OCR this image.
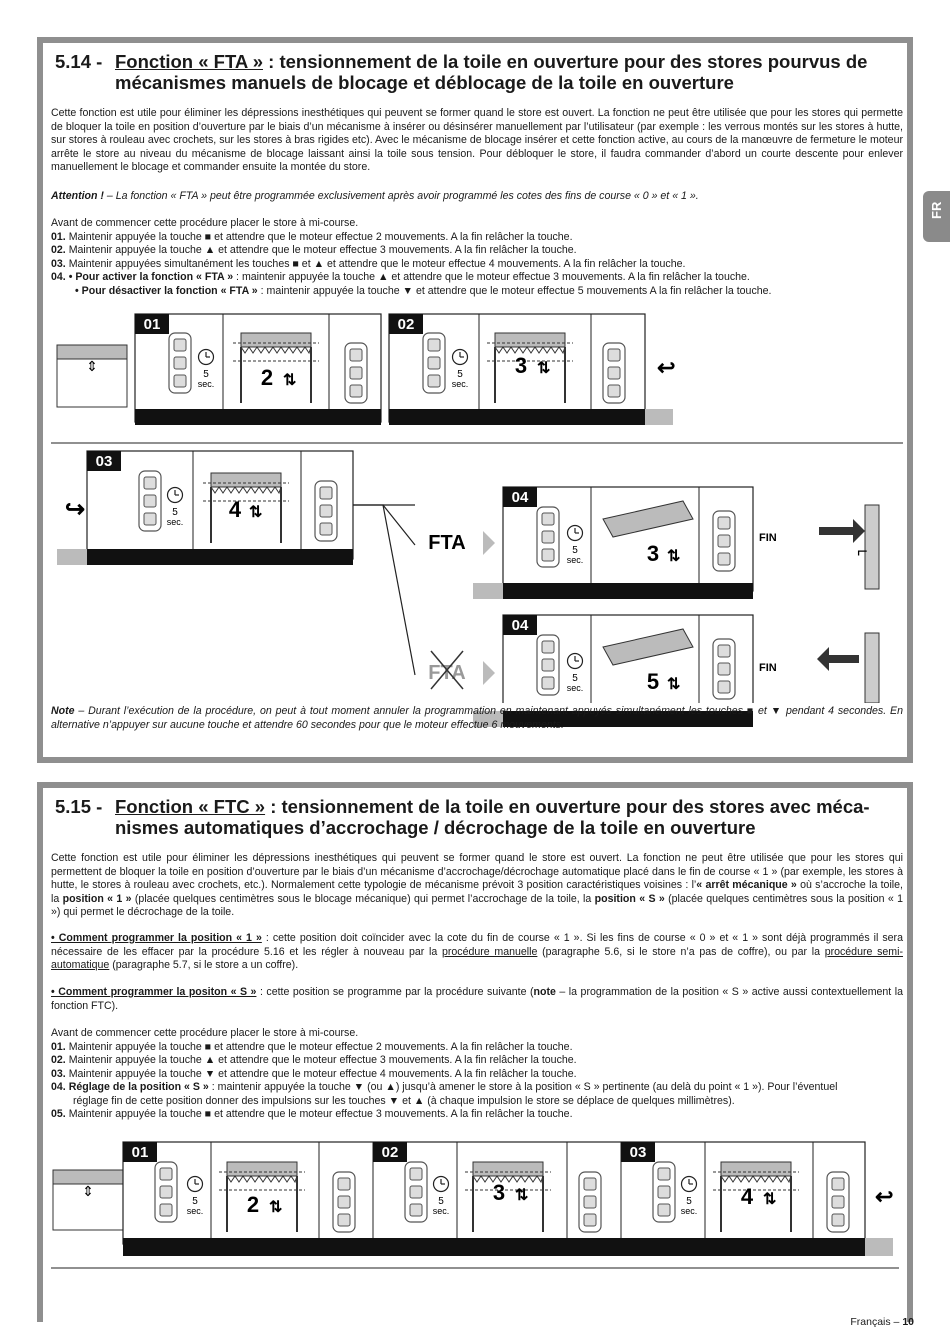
FR
5.14 - Fonction « FTA » : tensionnement de la toile en ouverture pour des stores pourvus de
mécanismes manuels de blocage et déblocage de la toile en ouverture
Cette fonction est utile pour éliminer les dépressions inesthétiques qui peuvent se former quand le store est ouvert. La fonction ne peut être utilisée que pour les stores qui permette de bloquer la toile en position d’ouverture par le biais d’un mécanisme à insérer ou désinsérer manuellement par l’utilisateur (par exemple : les verrous montés sur les stores à hutte, sur stores à rouleau avec crochets, sur les stores à bras rigides etc). Avec le mécanisme de blocage insérer et cette fonction active, au cours de la manœuvre de fermeture le moteur arrête le store au niveau du mécanisme de blocage laissant ainsi la toile sous tension. Pour débloquer le store, il faudra commander d’abord un courte descente pour enlever manuellement le blocage et commander ensuite la montée du store.
Attention ! – La fonction « FTA » peut être programmée exclusivement après avoir programmé les cotes des fins de course « 0 » et « 1 ».
Avant de commencer cette procédure placer le store à mi-course.
01. Maintenir appuyée la touche ■ et attendre que le moteur effectue 2 mouvements. A la fin relâcher la touche.
02. Maintenir appuyée la touche ▲ et attendre que le moteur effectue 3 mouvements. A la fin relâcher la touche.
03. Maintenir appuyées simultanément les touches ■ et ▲ et attendre que le moteur effectue 4 mouvements. A la fin relâcher la touche.
04. • Pour activer la fonction « FTA » : maintenir appuyée la touche ▲ et attendre que le moteur effectue 3 mouvements. A la fin relâcher la touche.
• Pour désactiver la fonction « FTA » : maintenir appuyée la touche ▼ et attendre que le moteur effectue 5 mouvements A la fin relâcher la touche.
01
5
sec. 2 ⇅
⇕
02
5
sec.
3 ⇅	↩
↪
03
5
sec. 4 ⇅
FTA
04
5
sec.	3 ⇅
FIN
⌐
FTA
04
5
sec.	5 ⇅
FIN
Note – Durant l’exécution de la procédure, on peut à tout moment annuler la programmation en maintenant appuyés simultanément les touches ■ et ▼ pendant 4 secondes. En alternative n’appuyer sur aucune touche et attendre 60 secondes pour que le moteur effectue 6 mouvements.
5.15 - Fonction « FTC » : tensionnement de la toile en ouverture pour des stores avec méca-
nismes automatiques d’accrochage / décrochage de la toile en ouverture
Cette fonction est utile pour éliminer les dépressions inesthétiques qui peuvent se former quand le store est ouvert. La fonction ne peut être utilisée que pour les stores qui permettent de bloquer la toile en position d’ouverture par le biais d’un mécanisme d’accrochage/décrochage automatique placé dans le fin de course « 1 » (par exemple, les stores à hutte, le stores à rouleau avec crochets, etc.). Normalement cette typologie de mécanisme prévoit 3 position caractéristiques voisines : l’« arrêt mécanique » où s’accroche la toile, la position « 1 » (placée quelques centimètres sous le blocage mécanique) qui permet l’accrochage de la toile, la position « S » (placée quelques centimètres sous la position « 1 ») qui permet le décrochage de la toile.
• Comment programmer la position « 1 » : cette position doit coïncider avec la cote du fin de course « 1 ». Si les fins de course « 0 » et « 1 » sont déjà programmés il sera nécessaire de les effacer par la procédure 5.16 et les régler à nouveau par la procédure manuelle (paragraphe 5.6, si le store n’a pas de coffre), ou par la procédure semi-automatique (paragraphe 5.7, si le store a un coffre).
• Comment programmer la positon « S » : cette position se programme par la procédure suivante (note – la programmation de la position « S » active aussi contextuellement la fonction FTC).
Avant de commencer cette procédure placer le store à mi-course.
01. Maintenir appuyée la touche ■ et attendre que le moteur effectue 2 mouvements. A la fin relâcher la touche.
02. Maintenir appuyée la touche ▲ et attendre que le moteur effectue 3 mouvements. A la fin relâcher la touche.
03. Maintenir appuyée la touche ▼ et attendre que le moteur effectue 4 mouvements. A la fin relâcher la touche.
04. Réglage de la position « S » : maintenir appuyée la touche ▼ (ou ▲) jusqu’à amener le store à la position « S » pertinente (au delà du point « 1 »). Pour l’éventuel
réglage fin de cette position donner des impulsions sur les touches ▼ et ▲ (à chaque impulsion le store se déplace de quelques millimètres).
05. Maintenir appuyée la touche ■ et attendre que le moteur effectue 3 mouvements. A la fin relâcher la touche.
⇕
01
5
sec. 2 ⇅
02
5
sec.
3 ⇅
03
5
sec.
4 ⇅	↩
Français – 10
